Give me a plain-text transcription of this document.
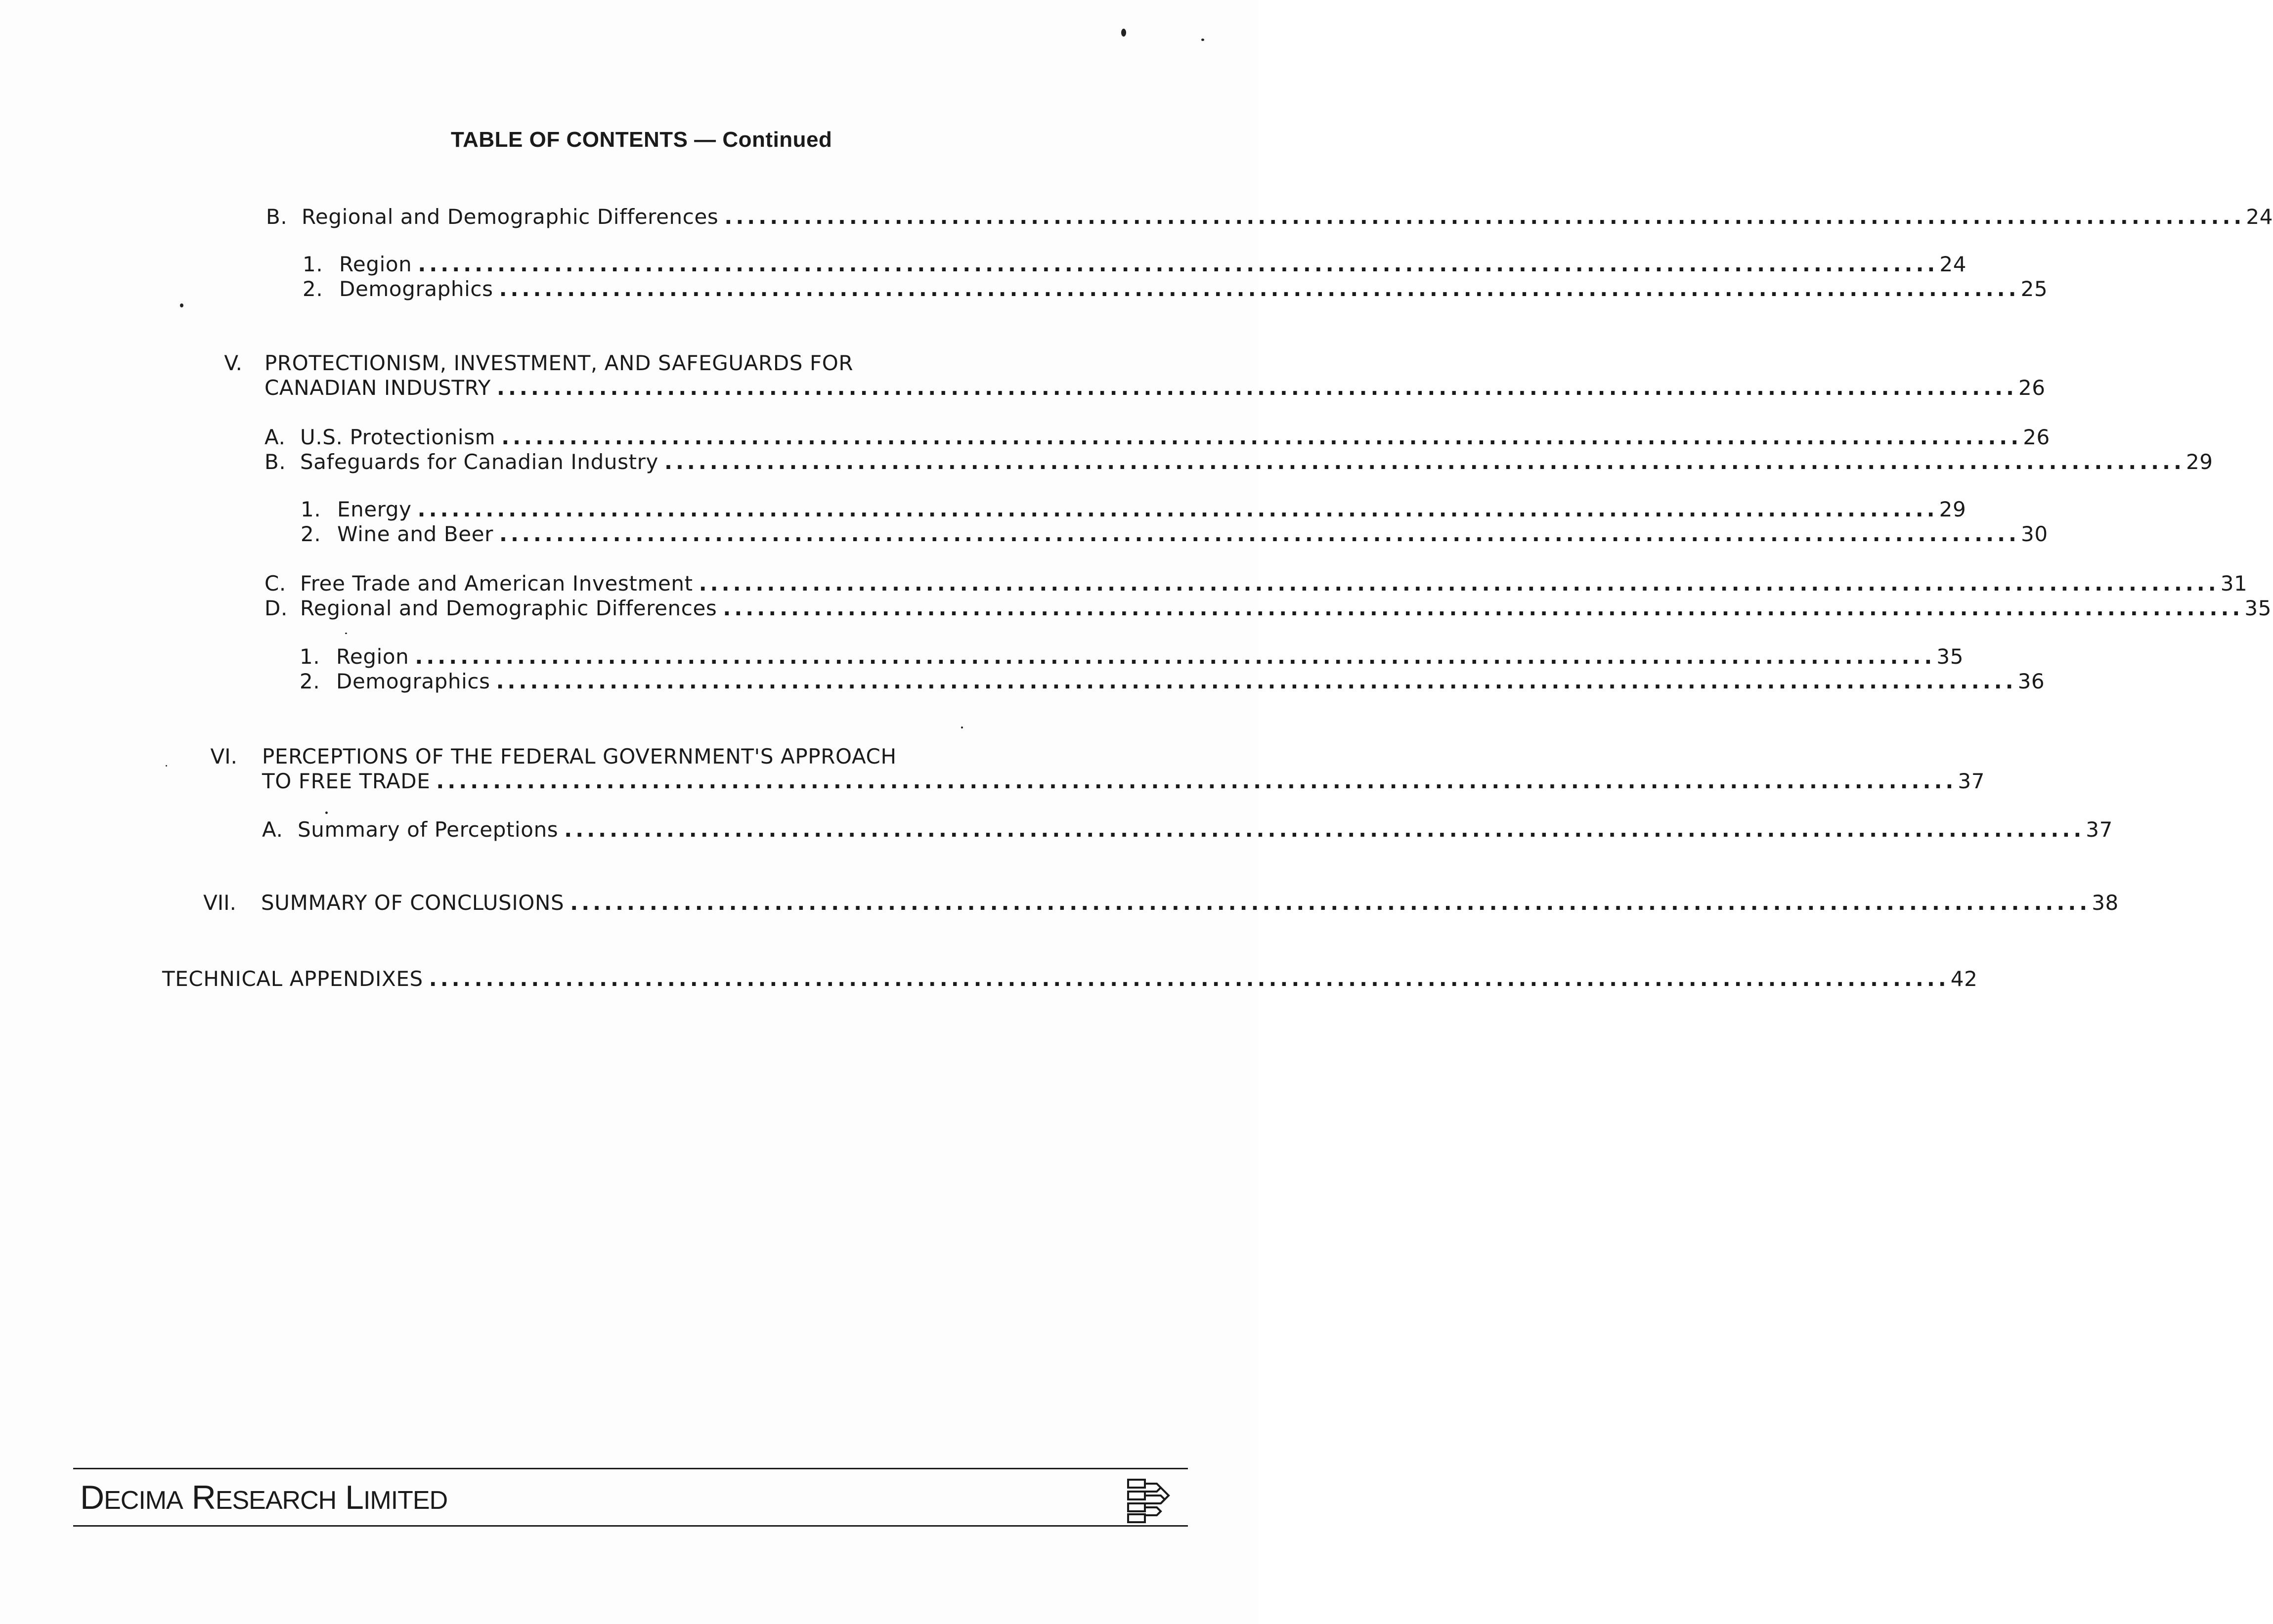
TABLE OF CONTENTS — Continued
B. Regional and Demographic Differences ...................................................................................................................................... 24
1. Region ...................................................................................................................................... 24
2. Demographics ...................................................................................................................................... 25
V. PROTECTIONISM, INVESTMENT, AND SAFEGUARDS FOR
CANADIAN INDUSTRY ...................................................................................................................................... 26
A. U.S. Protectionism ...................................................................................................................................... 26
B. Safeguards for Canadian Industry ...................................................................................................................................... 29
1. Energy ...................................................................................................................................... 29
2. Wine and Beer ...................................................................................................................................... 30
C. Free Trade and American Investment ...................................................................................................................................... 31
D. Regional and Demographic Differences ...................................................................................................................................... 35
1. Region ...................................................................................................................................... 35
2. Demographics ...................................................................................................................................... 36
VI. PERCEPTIONS OF THE FEDERAL GOVERNMENT'S APPROACH
TO FREE TRADE ...................................................................................................................................... 37
A. Summary of Perceptions ...................................................................................................................................... 37
VII. SUMMARY OF CONCLUSIONS ...................................................................................................................................... 38
TECHNICAL APPENDIXES ...................................................................................................................................... 42
DECIMA RESEARCH LIMITED
